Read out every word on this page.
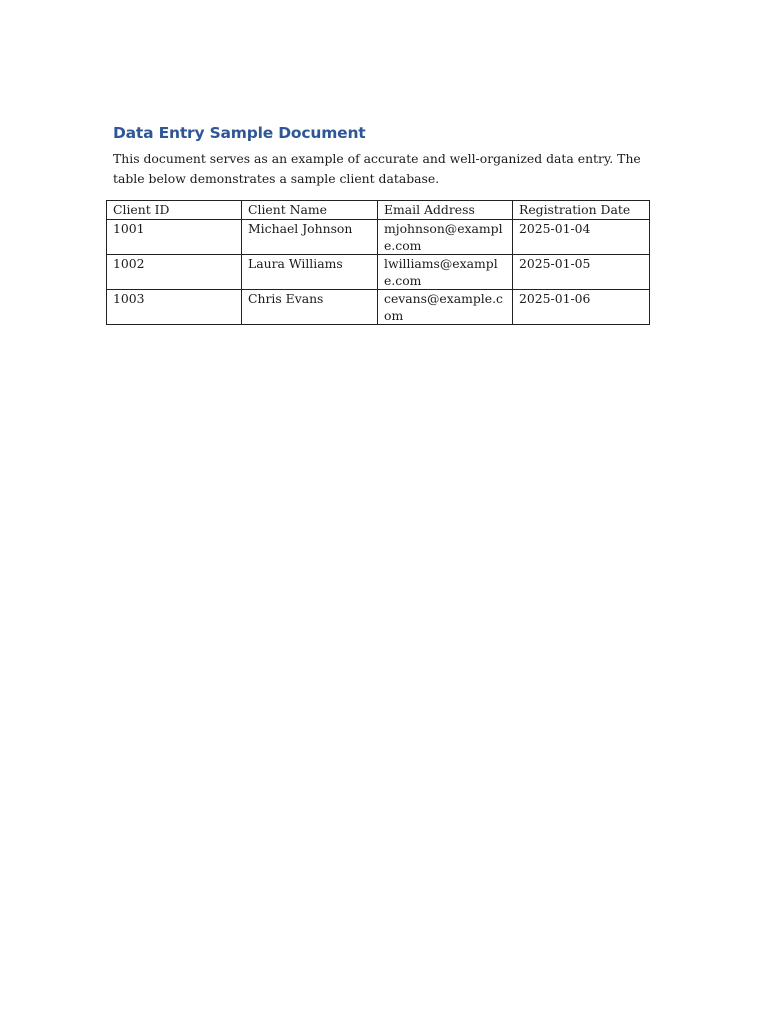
Data Entry Sample Document
This document serves as an example of accurate and well-organized data entry. The table below demonstrates a sample client database.
Client ID	Client Name	Email Address	Registration Date
1001	Michael Johnson	mjohnson@example.com	2025-01-04
1002	Laura Williams	lwilliams@example.com	2025-01-05
1003	Chris Evans	cevans@example.com	2025-01-06
